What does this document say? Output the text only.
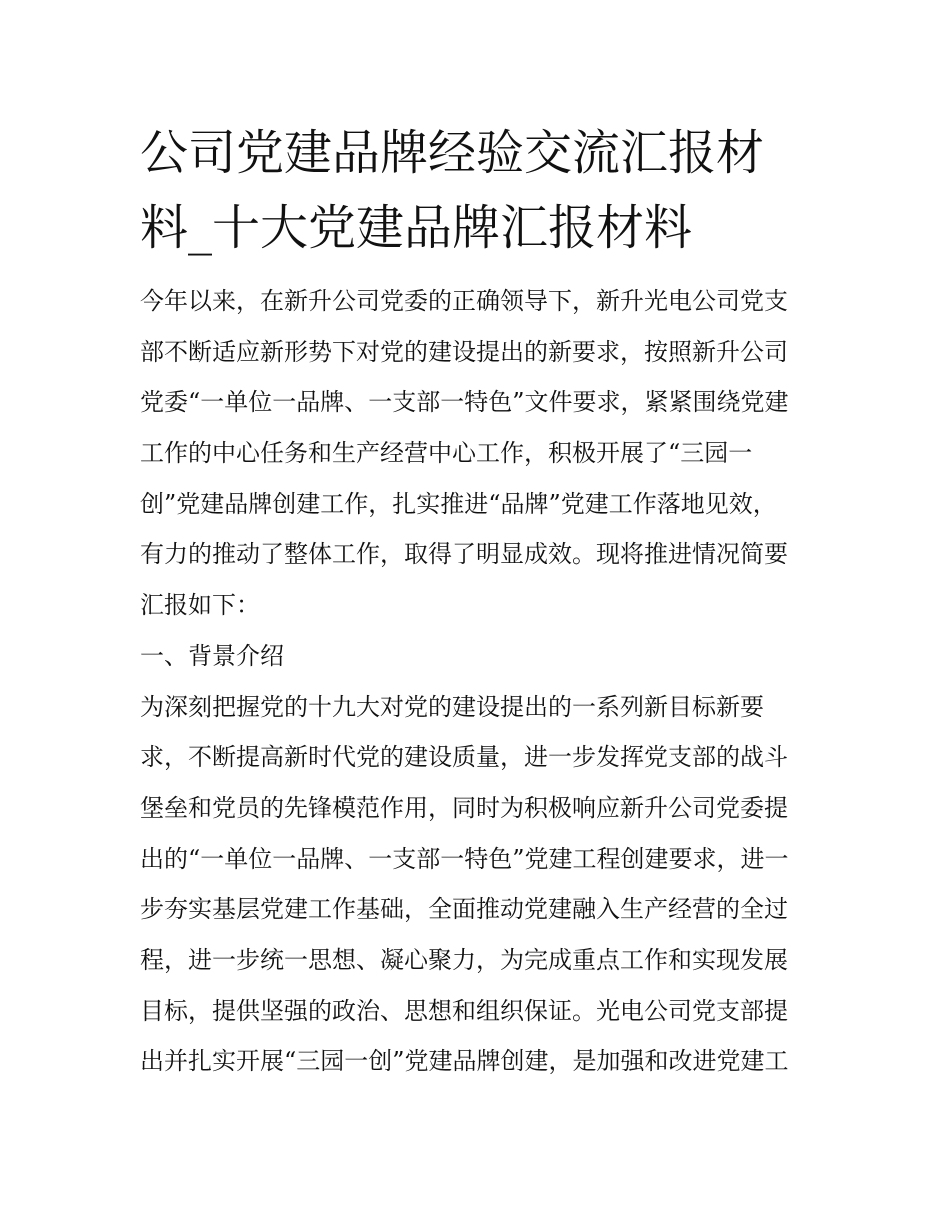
公司党建品牌经验交流汇报材
料_十大党建品牌汇报材料
今年以来，在新升公司党委的正确领导下，新升光电公司党支
部不断适应新形势下对党的建设提出的新要求，按照新升公司
党委“一单位一品牌、一支部一特色”文件要求，紧紧围绕党建
工作的中心任务和生产经营中心工作，积极开展了“三园一
创”党建品牌创建工作，扎实推进“品牌”党建工作落地见效，
有力的推动了整体工作，取得了明显成效。现将推进情况简要
汇报如下：
一、背景介绍
为深刻把握党的十九大对党的建设提出的一系列新目标新要
求，不断提高新时代党的建设质量，进一步发挥党支部的战斗
堡垒和党员的先锋模范作用，同时为积极响应新升公司党委提
出的“一单位一品牌、一支部一特色”党建工程创建要求，进一
步夯实基层党建工作基础，全面推动党建融入生产经营的全过
程，进一步统一思想、凝心聚力，为完成重点工作和实现发展
目标，提供坚强的政治、思想和组织保证。光电公司党支部提
出并扎实开展“三园一创”党建品牌创建，是加强和改进党建工
